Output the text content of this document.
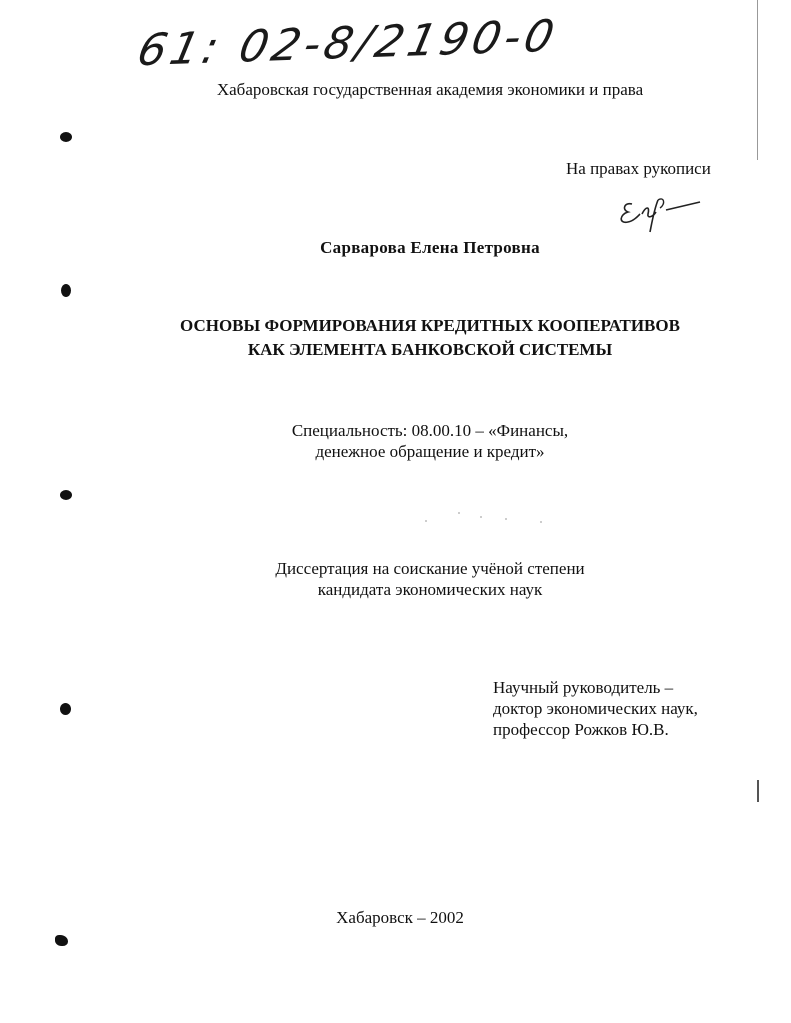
61: 02-8/2190-0
Хабаровская государственная академия экономики и права
На правах рукописи
Сарварова Елена Петровна
ОСНОВЫ ФОРМИРОВАНИЯ КРЕДИТНЫХ КООПЕРАТИВОВ
КАК ЭЛЕМЕНТА БАНКОВСКОЙ СИСТЕМЫ
Специальность: 08.00.10 – «Финансы,
денежное обращение и кредит»
Диссертация на соискание учёной степени
кандидата экономических наук
Научный руководитель –
доктор экономических наук,
профессор Рожков Ю.В.
Хабаровск – 2002
